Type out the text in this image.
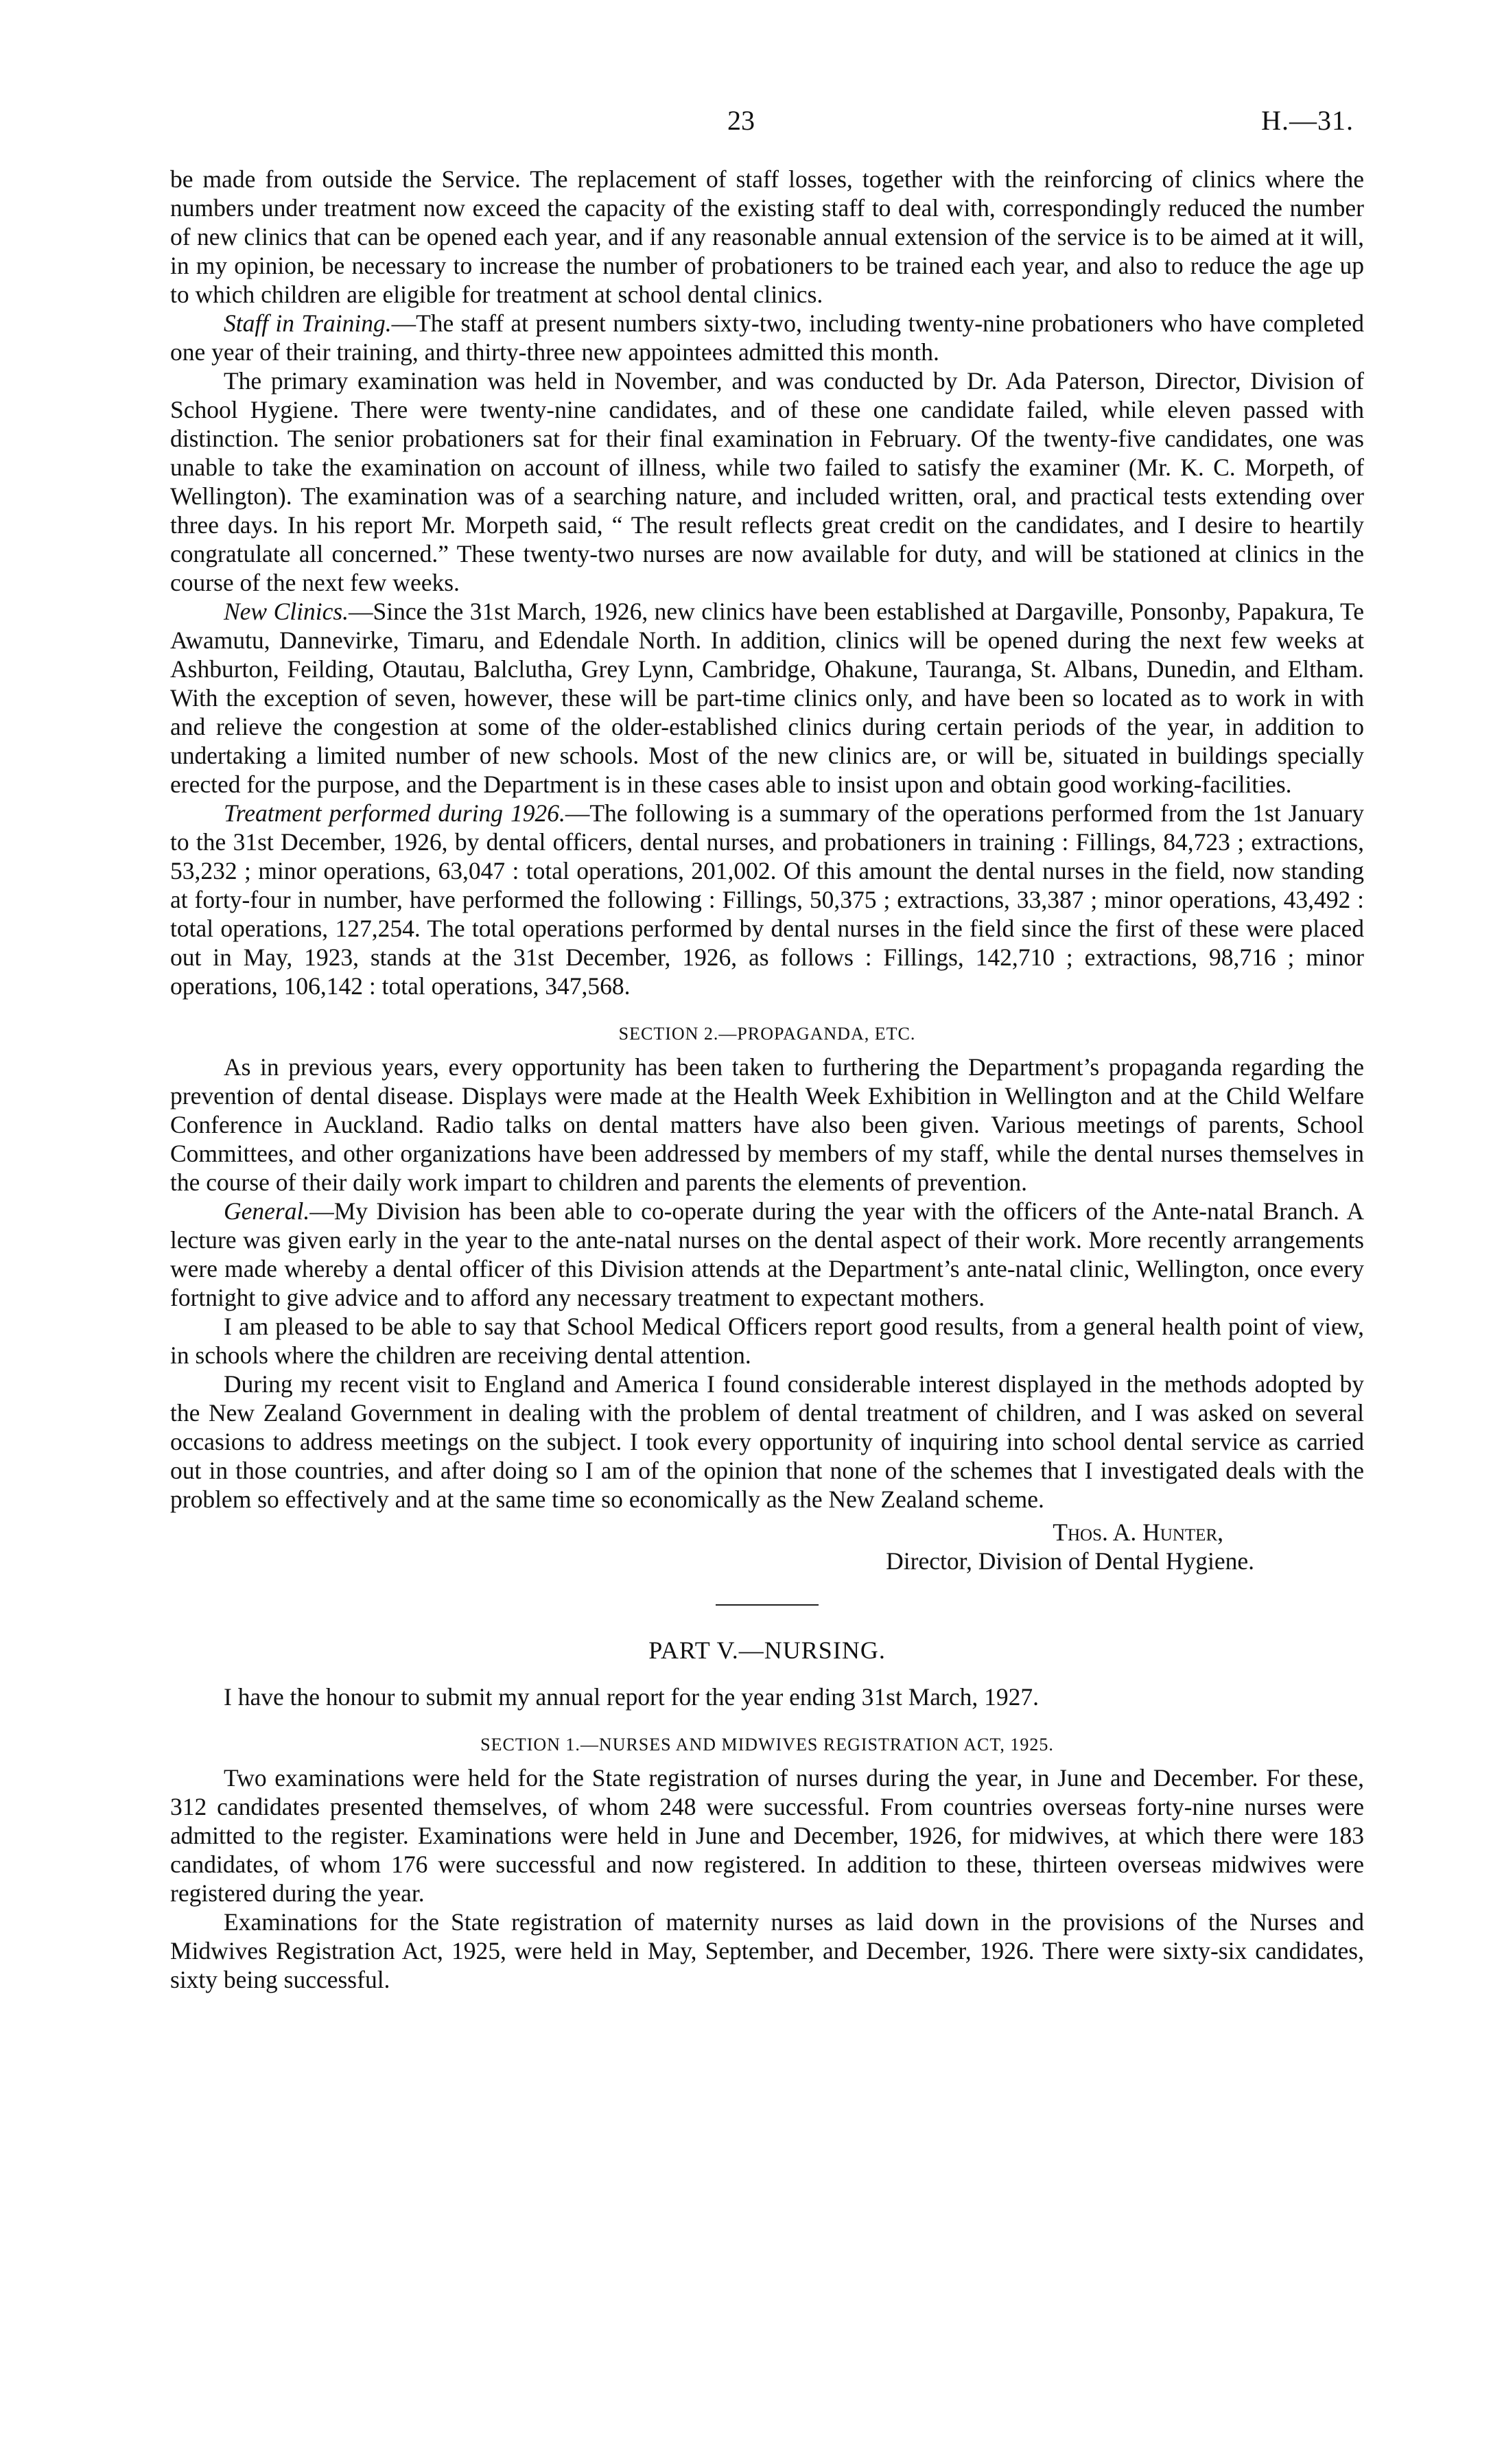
23	H.—31.

be made from outside the Service. The replacement of staff losses, together with the reinforcing of clinics where the numbers under treatment now exceed the capacity of the existing staff to deal with, correspondingly reduced the number of new clinics that can be opened each year, and if any reasonable annual extension of the service is to be aimed at it will, in my opinion, be necessary to increase the number of probationers to be trained each year, and also to reduce the age up to which children are eligible for treatment at school dental clinics.

Staff in Training.—The staff at present numbers sixty-two, including twenty-nine probationers who have completed one year of their training, and thirty-three new appointees admitted this month.

The primary examination was held in November, and was conducted by Dr. Ada Paterson, Director, Division of School Hygiene. There were twenty-nine candidates, and of these one candidate failed, while eleven passed with distinction. The senior probationers sat for their final examination in February. Of the twenty-five candidates, one was unable to take the examination on account of illness, while two failed to satisfy the examiner (Mr. K. C. Morpeth, of Wellington). The examination was of a searching nature, and included written, oral, and practical tests extending over three days. In his report Mr. Morpeth said, “ The result reflects great credit on the candidates, and I desire to heartily congratulate all concerned.” These twenty-two nurses are now available for duty, and will be stationed at clinics in the course of the next few weeks.

New Clinics.—Since the 31st March, 1926, new clinics have been established at Dargaville, Ponsonby, Papakura, Te Awamutu, Dannevirke, Timaru, and Edendale North. In addition, clinics will be opened during the next few weeks at Ashburton, Feilding, Otautau, Balclutha, Grey Lynn, Cambridge, Ohakune, Tauranga, St. Albans, Dunedin, and Eltham. With the exception of seven, however, these will be part-time clinics only, and have been so located as to work in with and relieve the congestion at some of the older-established clinics during certain periods of the year, in addition to undertaking a limited number of new schools. Most of the new clinics are, or will be, situated in buildings specially erected for the purpose, and the Department is in these cases able to insist upon and obtain good working-facilities.

Treatment performed during 1926.—The following is a summary of the operations performed from the 1st January to the 31st December, 1926, by dental officers, dental nurses, and probationers in training : Fillings, 84,723 ; extractions, 53,232 ; minor operations, 63,047 : total operations, 201,002. Of this amount the dental nurses in the field, now standing at forty-four in number, have performed the following : Fillings, 50,375 ; extractions, 33,387 ; minor operations, 43,492 : total operations, 127,254. The total operations performed by dental nurses in the field since the first of these were placed out in May, 1923, stands at the 31st December, 1926, as follows : Fillings, 142,710 ; extractions, 98,716 ; minor operations, 106,142 : total operations, 347,568.

SECTION 2.—PROPAGANDA, ETC.

As in previous years, every opportunity has been taken to furthering the Department’s propaganda regarding the prevention of dental disease. Displays were made at the Health Week Exhibition in Wellington and at the Child Welfare Conference in Auckland. Radio talks on dental matters have also been given. Various meetings of parents, School Committees, and other organizations have been addressed by members of my staff, while the dental nurses themselves in the course of their daily work impart to children and parents the elements of prevention.

General.—My Division has been able to co-operate during the year with the officers of the Ante-natal Branch. A lecture was given early in the year to the ante-natal nurses on the dental aspect of their work. More recently arrangements were made whereby a dental officer of this Division attends at the Department’s ante-natal clinic, Wellington, once every fortnight to give advice and to afford any necessary treatment to expectant mothers.

I am pleased to be able to say that School Medical Officers report good results, from a general health point of view, in schools where the children are receiving dental attention.

During my recent visit to England and America I found considerable interest displayed in the methods adopted by the New Zealand Government in dealing with the problem of dental treatment of children, and I was asked on several occasions to address meetings on the subject. I took every opportunity of inquiring into school dental service as carried out in those countries, and after doing so I am of the opinion that none of the schemes that I investigated deals with the problem so effectively and at the same time so economically as the New Zealand scheme.

Thos. A. Hunter,
Director, Division of Dental Hygiene.
PART V.—NURSING.

I have the honour to submit my annual report for the year ending 31st March, 1927.

SECTION 1.—NURSES AND MIDWIVES REGISTRATION ACT, 1925.

Two examinations were held for the State registration of nurses during the year, in June and December. For these, 312 candidates presented themselves, of whom 248 were successful. From countries overseas forty-nine nurses were admitted to the register. Examinations were held in June and December, 1926, for midwives, at which there were 183 candidates, of whom 176 were successful and now registered. In addition to these, thirteen overseas midwives were registered during the year.

Examinations for the State registration of maternity nurses as laid down in the provisions of the Nurses and Midwives Registration Act, 1925, were held in May, September, and December, 1926. There were sixty-six candidates, sixty being successful.
